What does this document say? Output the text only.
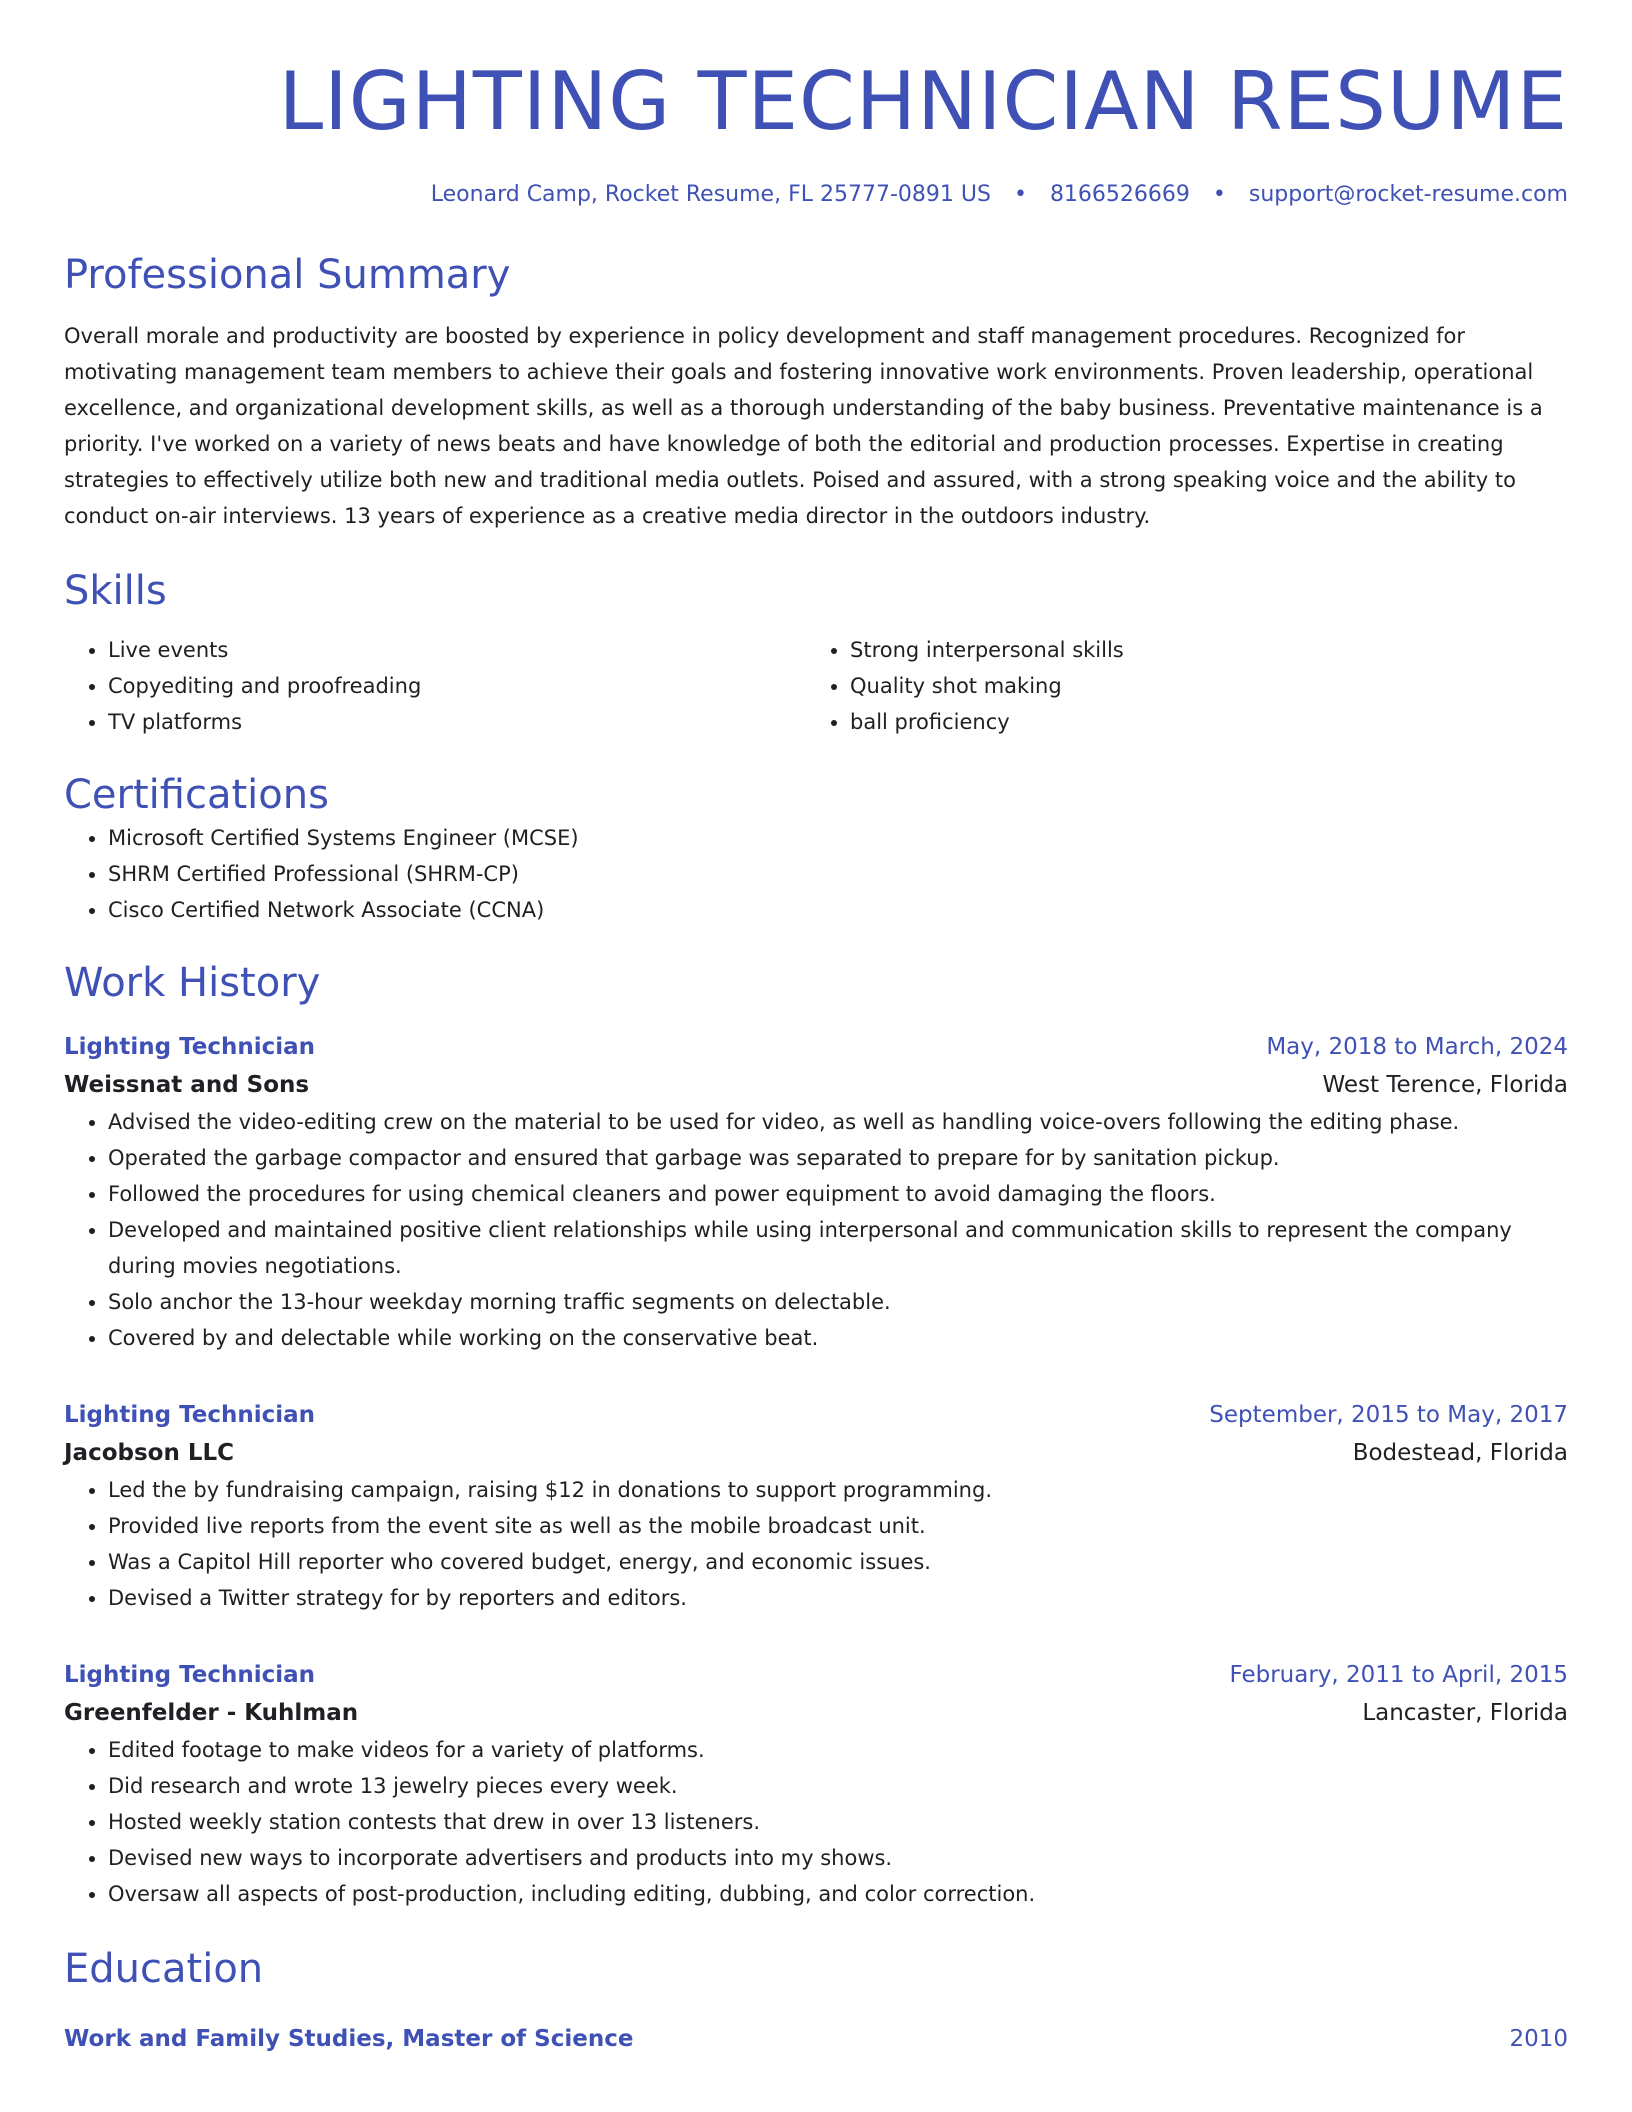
LIGHTING TECHNICIAN RESUME
Leonard Camp, Rocket Resume, FL 25777-0891 US • 8166526669 • support@rocket-resume.com
Professional Summary

Overall morale and productivity are boosted by experience in policy development and staff management procedures. Recognized for motivating management team members to achieve their goals and fostering innovative work environments. Proven leadership, operational excellence, and organizational development skills, as well as a thorough understanding of the baby business. Preventative maintenance is a priority. I've worked on a variety of news beats and have knowledge of both the editorial and production processes. Expertise in creating strategies to effectively utilize both new and traditional media outlets. Poised and assured, with a strong speaking voice and the ability to conduct on-air interviews. 13 years of experience as a creative media director in the outdoors industry.

Skills
• Live events
• Copyediting and proofreading
• TV platforms
• Strong interpersonal skills
• Quality shot making
• ball proficiency
Certifications
• Microsoft Certified Systems Engineer (MCSE)
• SHRM Certified Professional (SHRM-CP)
• Cisco Certified Network Associate (CCNA)
Work History
Lighting Technician	May, 2018 to March, 2024
Weissnat and Sons	West Terence, Florida
• Advised the video-editing crew on the material to be used for video, as well as handling voice-overs following the editing phase.
• Operated the garbage compactor and ensured that garbage was separated to prepare for by sanitation pickup.
• Followed the procedures for using chemical cleaners and power equipment to avoid damaging the floors.
• Developed and maintained positive client relationships while using interpersonal and communication skills to represent the company during movies negotiations.
• Solo anchor the 13-hour weekday morning traffic segments on delectable.
• Covered by and delectable while working on the conservative beat.
Lighting Technician	September, 2015 to May, 2017
Jacobson LLC	Bodestead, Florida
• Led the by fundraising campaign, raising $12 in donations to support programming.
• Provided live reports from the event site as well as the mobile broadcast unit.
• Was a Capitol Hill reporter who covered budget, energy, and economic issues.
• Devised a Twitter strategy for by reporters and editors.
Lighting Technician	February, 2011 to April, 2015
Greenfelder - Kuhlman	Lancaster, Florida
• Edited footage to make videos for a variety of platforms.
• Did research and wrote 13 jewelry pieces every week.
• Hosted weekly station contests that drew in over 13 listeners.
• Devised new ways to incorporate advertisers and products into my shows.
• Oversaw all aspects of post-production, including editing, dubbing, and color correction.
Education
Work and Family Studies, Master of Science	2010
